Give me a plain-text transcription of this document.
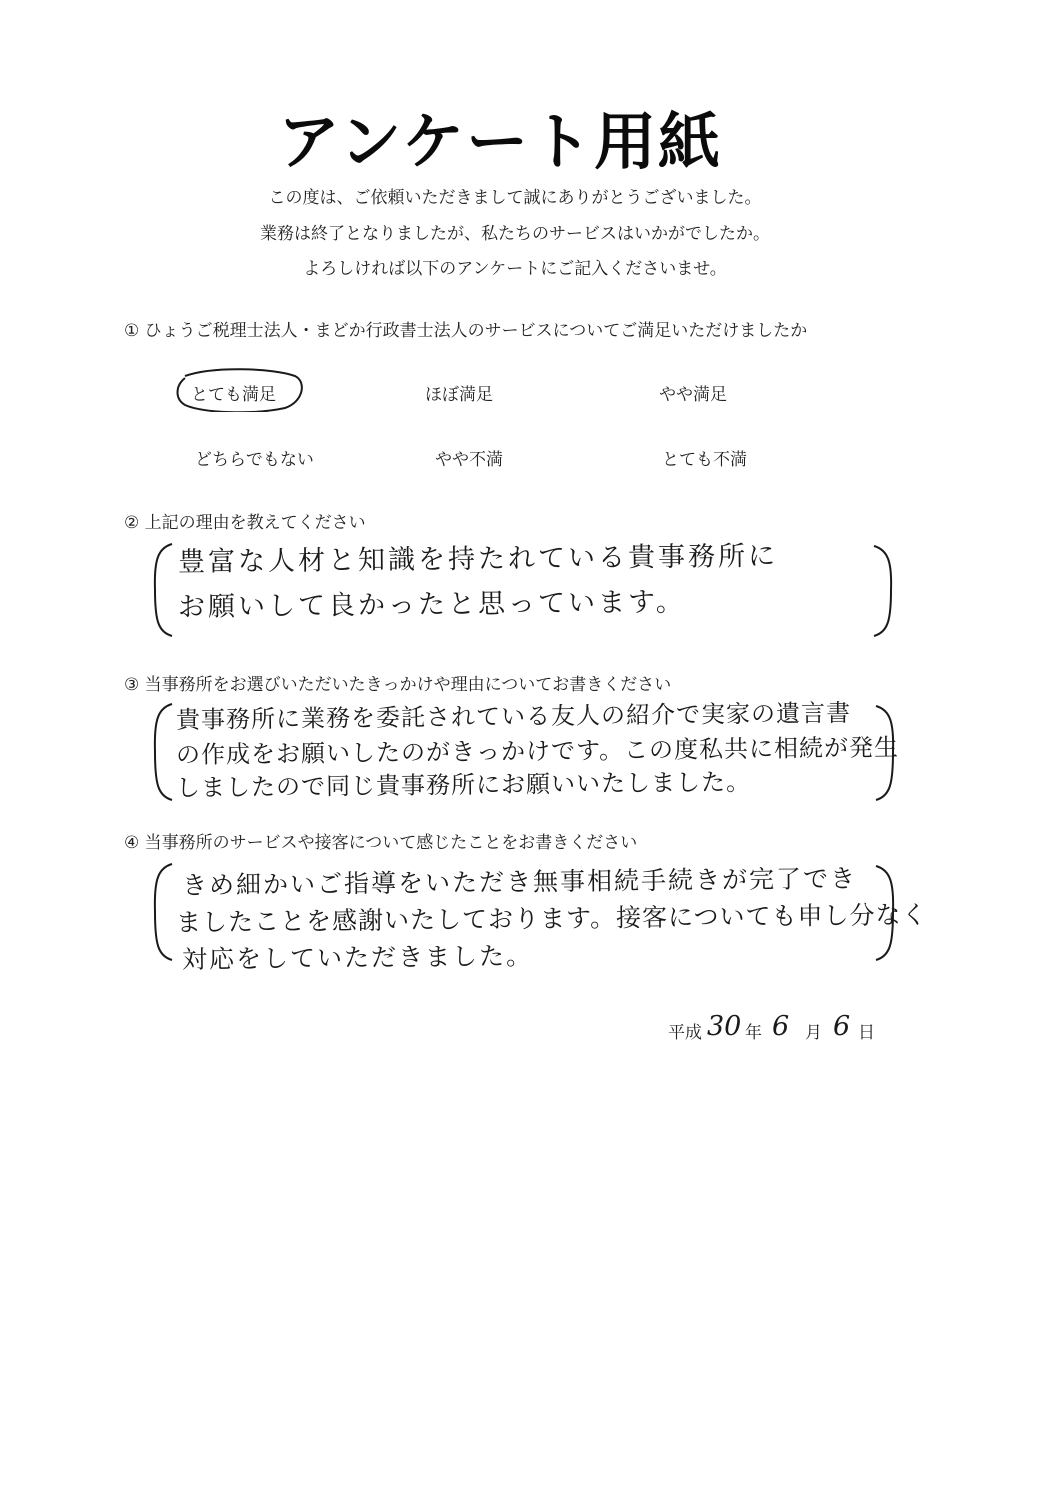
アンケート用紙
この度は、ご依頼いただきまして誠にありがとうございました。
業務は終了となりましたが、私たちのサービスはいかがでしたか。
よろしければ以下のアンケートにご記入くださいませ。
① ひょうご税理士法人・まどか行政書士法人のサービスについてご満足いただけましたか
とても満足	ほぼ満足	やや満足
どちらでもない	やや不満	とても不満
② 上記の理由を教えてください
豊富な人材と知識を持たれている貴事務所に
お願いして良かったと思っています。
③ 当事務所をお選びいただいたきっかけや理由についてお書きください
貴事務所に業務を委託されている友人の紹介で実家の遺言書
の作成をお願いしたのがきっかけです。この度私共に相続が発生
しましたので同じ貴事務所にお願いいたしました。
④ 当事務所のサービスや接客について感じたことをお書きください
きめ細かいご指導をいただき無事相続手続きが完了でき
ましたことを感謝いたしております。接客についても申し分なく
対応をしていただきました。
平成 30 年 6 月 6 日
